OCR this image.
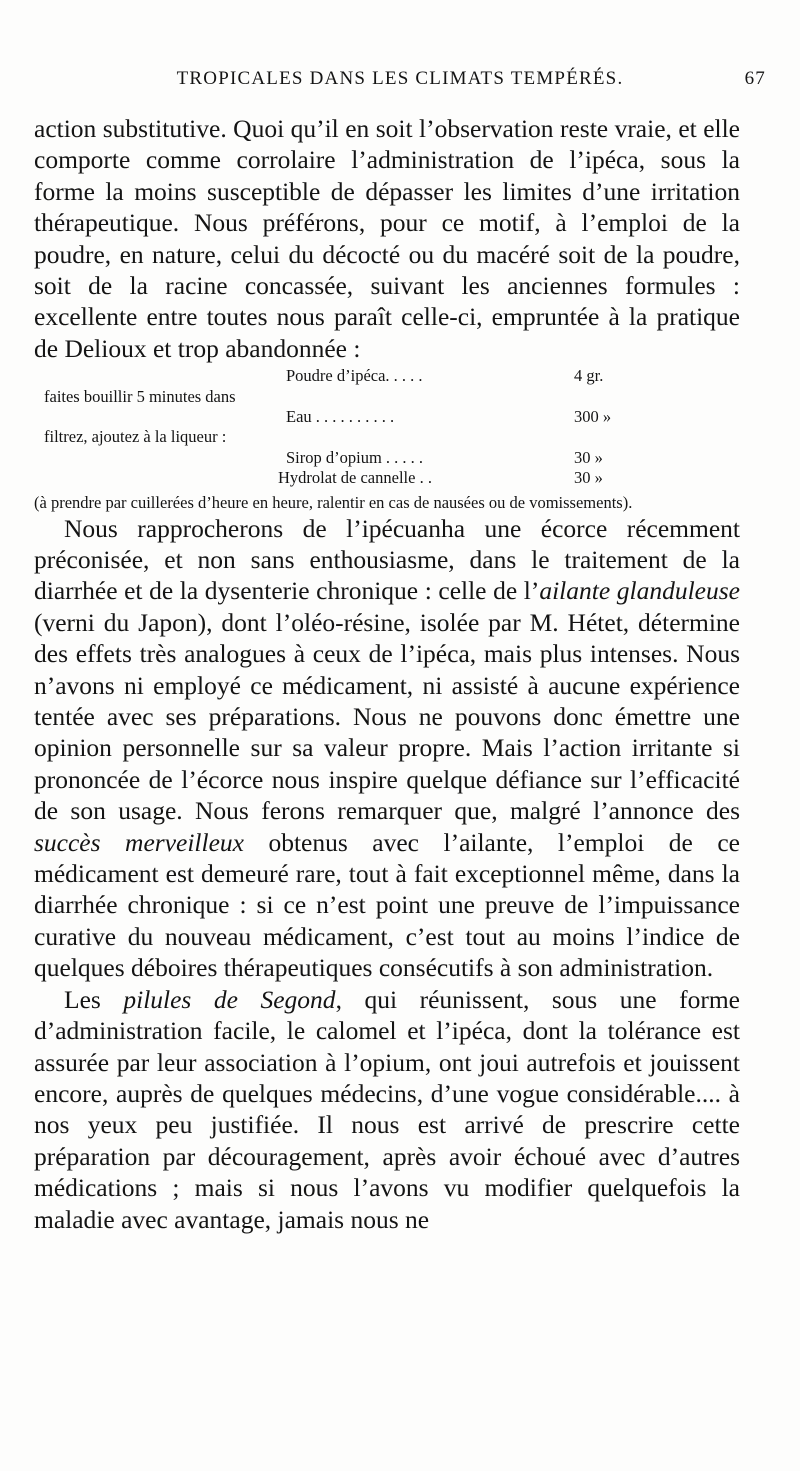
TROPICALES DANS LES CLIMATS TEMPÉRÉS.	67

action substitutive. Quoi qu’il en soit l’observation reste vraie, et elle comporte comme corrolaire l’administration de l’ipéca, sous la forme la moins susceptible de dépasser les limites d’une irritation thérapeutique. Nous préférons, pour ce motif, à l’emploi de la poudre, en nature, celui du décocté ou du macéré soit de la poudre, soit de la racine concassée, suivant les anciennes formules : excellente entre toutes nous paraît celle-ci, empruntée à la pratique de Delioux et trop abandonnée :

Poudre d’ipéca. . . . .	4 gr.
faites bouillir 5 minutes dans
Eau . . . . . . . . . .	300 »
filtrez, ajoutez à la liqueur :
Sirop d’opium . . . . .	30 »
Hydrolat de cannelle . .	30 »

(à prendre par cuillerées d’heure en heure, ralentir en cas de nausées ou de vomissements).

Nous rapprocherons de l’ipécuanha une écorce récemment préconisée, et non sans enthousiasme, dans le traitement de la diarrhée et de la dysenterie chronique : celle de l’ailante glanduleuse (verni du Japon), dont l’oléo-résine, isolée par M. Hétet, détermine des effets très analogues à ceux de l’ipéca, mais plus intenses. Nous n’avons ni employé ce médicament, ni assisté à aucune expérience tentée avec ses préparations. Nous ne pouvons donc émettre une opinion personnelle sur sa valeur propre. Mais l’action irritante si prononcée de l’écorce nous inspire quelque défiance sur l’efficacité de son usage. Nous ferons remarquer que, malgré l’annonce des succès merveilleux obtenus avec l’ailante, l’emploi de ce médicament est demeuré rare, tout à fait exceptionnel même, dans la diarrhée chronique : si ce n’est point une preuve de l’impuissance curative du nouveau médicament, c’est tout au moins l’indice de quelques déboires thérapeutiques consécutifs à son administration.

Les pilules de Segond, qui réunissent, sous une forme d’administration facile, le calomel et l’ipéca, dont la tolérance est assurée par leur association à l’opium, ont joui autrefois et jouissent encore, auprès de quelques médecins, d’une vogue considérable.... à nos yeux peu justifiée. Il nous est arrivé de prescrire cette préparation par découragement, après avoir échoué avec d’autres médications ; mais si nous l’avons vu modifier quelquefois la maladie avec avantage, jamais nous ne
